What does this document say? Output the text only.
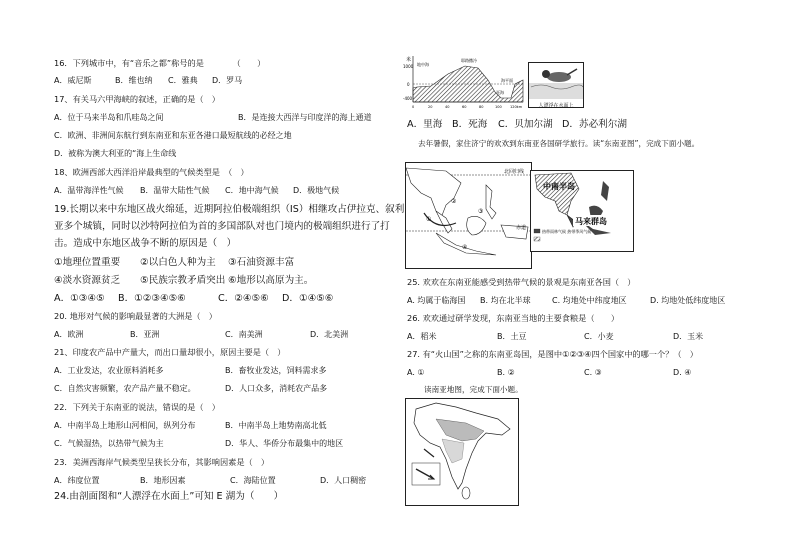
16．下列城市中，有“音乐之都”称号的是　　　　（　　）
A．威尼斯	B．维也纳 C．雅典 D．罗马
17、有关马六甲海峡的叙述，正确的是（　）
A．位于马来半岛和爪哇岛之间	B．是连接大西洋与印度洋的海上通道
C．欧洲、非洲间东航行到东南亚和东亚各港口最短航线的必经之地
D．被称为澳大利亚的“海上生命线
18、欧洲西部大西洋沿岸最典型的气候类型是　（　）
A．温带海洋性气候 B．温带大陆性气候 C．地中海气候 D．极地气候
19.长期以来中东地区战火绵延，近期阿拉伯极端组织（IS）相继攻占伊拉克、叙利
亚多个城镇，同时以沙特阿拉伯为首的多国部队对也门境内的极端组织进行了打
击。造成中东地区战争不断的原因是（　）
①地理位置重要 ②以白色人种为主 ③石油资源丰富
④淡水资源贫乏 ⑤民族宗教矛盾突出 ⑥地形以高原为主。
A．①③④⑤ B．①②③④⑤⑥	C．②④⑤⑥ D．①④⑤⑥
20. 地形对气候的影响最显著的大洲是（　）
A．欧洲	B．亚洲	C．南美洲	D．北美洲
21、印度农产品中产量大，而出口量却很小，原因主要是（　）
A．工业发达，农业原料消耗多	B．畜牧业发达，饲料需求多
C．自然灾害频繁，农产品产量不稳定。	D．人口众多，消耗农产品多
22．下列关于东南亚的说法，错误的是（　）
A．中南半岛上地形山河相间，纵列分布	B．中南半岛上地势南高北低
C．气候湿热，以热带气候为主	D．华人、华侨分布最集中的地区
23．美洲西海岸气候类型呈狭长分布，其影响因素是（　）
A．纬度位置	B．地形因素	C．海陆位置	D．人口稠密
24.由剖面图和“人漂浮在水面上”可知 E 湖为（　　）
米
1000
0
-400
地中海
耶路撒冷
死海
海平面
0	20	40	60	80	100 120km	人漂浮在水面上
A．里海 B．死海 C．贝加尔湖 D．苏必利尔湖
去年暑假，家住济宁的欢欢到东南亚各国研学旅行。读“东南亚图”，完成下面小题。
北回归线
赤道
①
②
③
④
中南半岛
马来群岛
热带雨林气候 热带季风气候
25. 欢欢在东南亚能感受到热带气候的景观是东南亚各国（　）
A. 均属于临海国 B. 均在北半球	C. 均地处中纬度地区	D. 均地处低纬度地区
26. 欢欢通过研学发现，东南亚当地的主要食粮是（　　）
A．稻米	B．土豆	C．小麦	D．玉米
27. 有“火山国”之称的东南亚岛国，是图中①②③④四个国家中的哪一个？（　）
A. ①	B. ②	C. ③	D. ④
读南亚地图，完成下面小题。
